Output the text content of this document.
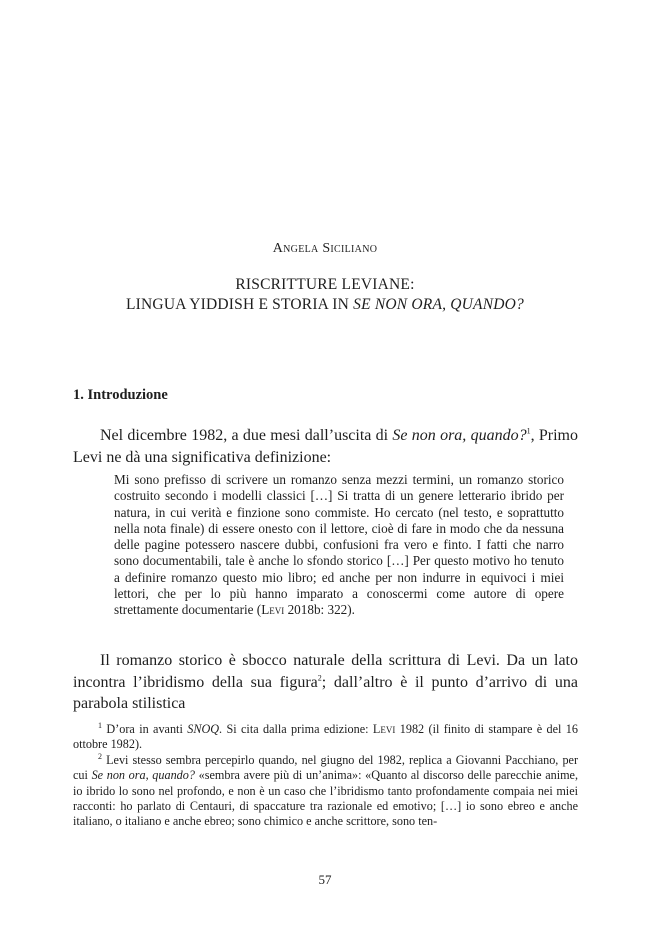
Angela Siciliano
RISCRITTURE LEVIANE:
LINGUA YIDDISH E STORIA IN SE NON ORA, QUANDO?
1. Introduzione

Nel dicembre 1982, a due mesi dall’uscita di Se non ora, quando?$^1$, Primo Levi ne dà una significativa definizione:

Mi sono prefisso di scrivere un romanzo senza mezzi termini, un romanzo storico costruito secondo i modelli classici […] Si tratta di un genere letterario ibrido per natura, in cui verità e finzione sono commiste. Ho cercato (nel testo, e soprattutto nella nota finale) di essere onesto con il lettore, cioè di fare in modo che da nessuna delle pagine potessero nascere dubbi, confusioni fra vero e finto. I fatti che narro sono documentabili, tale è anche lo sfondo storico […] Per questo motivo ho tenuto a definire romanzo questo mio libro; ed anche per non indurre in equivoci i miei lettori, che per lo più hanno imparato a conoscermi come autore di opere strettamente documentarie (Levi 2018b: 322).

Il romanzo storico è sbocco naturale della scrittura di Levi. Da un lato incontra l’ibridismo della sua figura$^2$; dall’altro è il punto d’arrivo di una parabola stilistica

$^1$ D’ora in avanti SNOQ. Si cita dalla prima edizione: Levi 1982 (il finito di stampare è del 16 ottobre 1982).

$^2$ Levi stesso sembra percepirlo quando, nel giugno del 1982, replica a Giovanni Pacchiano, per cui Se non ora, quando? «sembra avere più di un’anima»: «Quanto al discorso delle parecchie anime, io ibrido lo sono nel profondo, e non è un caso che l’ibridismo tanto profondamente compaia nei miei racconti: ho parlato di Centauri, di spaccature tra razionale ed emotivo; […] io sono ebreo e anche italiano, o italiano e anche ebreo; sono chimico e anche scrittore, sono ten-

57
